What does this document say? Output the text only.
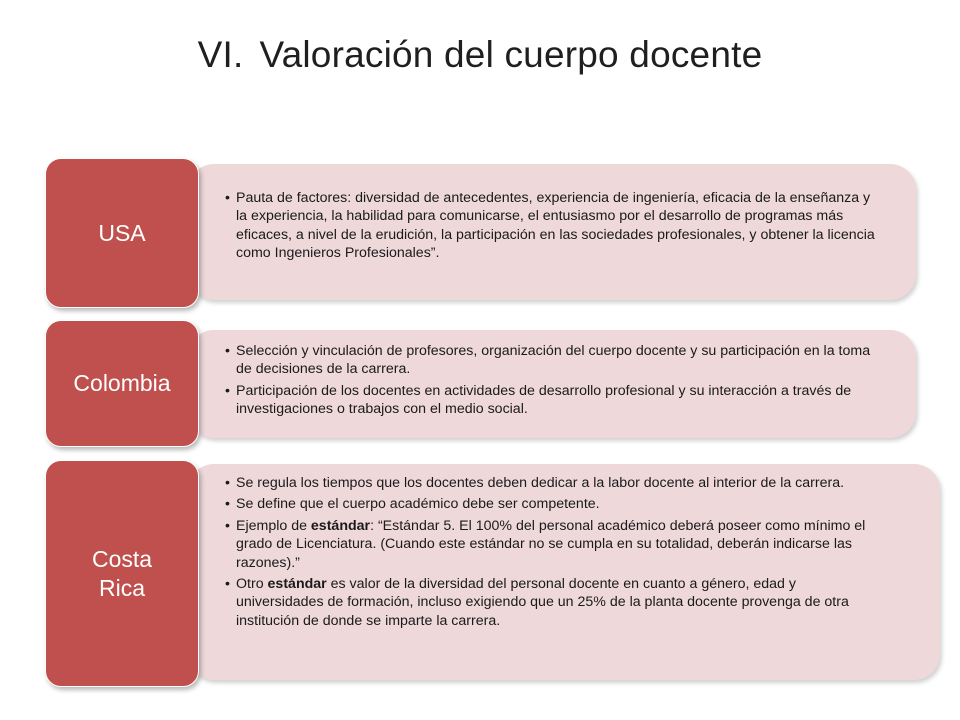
VI. Valoración del cuerpo docente
• Pauta de factores: diversidad de antecedentes, experiencia de ingeniería, eficacia de la enseñanza y la experiencia, la habilidad para comunicarse, el entusiasmo por el desarrollo de programas más eficaces, a nivel de la erudición, la participación en las sociedades profesionales, y obtener la licencia como Ingenieros Profesionales”.
USA
• Selección y vinculación de profesores, organización del cuerpo docente y su participación en la toma de decisiones de la carrera.
• Participación de los docentes en actividades de desarrollo profesional y su interacción a través de investigaciones o trabajos con el medio social.
Colombia
• Se regula los tiempos que los docentes deben dedicar a la labor docente al interior de la carrera.
• Se define que el cuerpo académico debe ser competente.
• Ejemplo de estándar: “Estándar 5. El 100% del personal académico deberá poseer como mínimo el grado de Licenciatura. (Cuando este estándar no se cumpla en su totalidad, deberán indicarse las razones).”
• Otro estándar es valor de la diversidad del personal docente en cuanto a género, edad y universidades de formación, incluso exigiendo que un 25% de la planta docente provenga de otra institución de donde se imparte la carrera.
Costa
Rica
